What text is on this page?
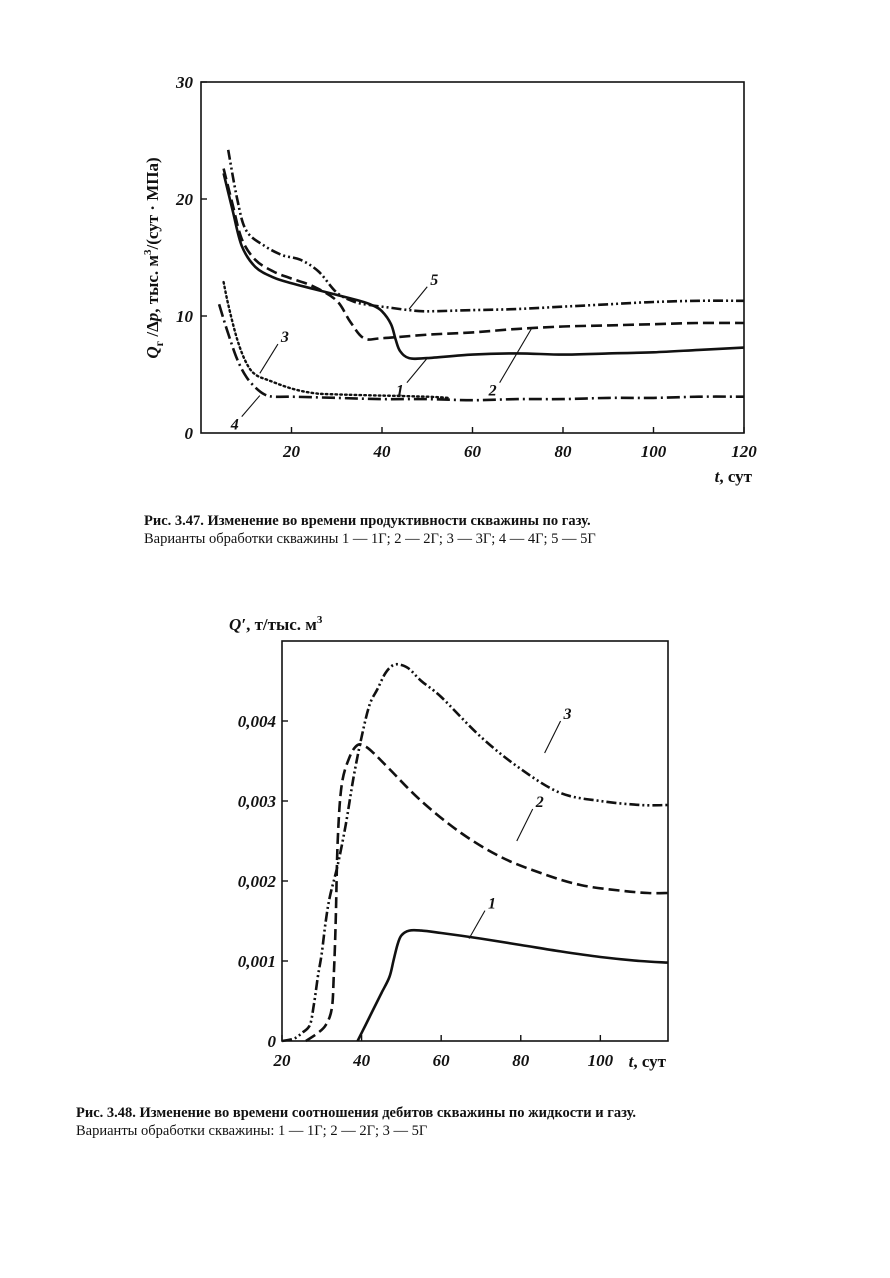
20	40	60	80	100	120
0
10
20
30
1	2
3
4
5
$Q_г$ /Δp, тыс. $м^3/(сут \cdot МПа)$
t, сут
Рис. 3.47. Изменение во времени продуктивности скважины по газу.
Варианты обработки скважины 1 — 1Г; 2 — 2Г; 3 — 3Г; 4 — 4Г; 5 — 5Г
20	40	60	80	100
0
0,001
0,002
0,003
0,004
1
2
3
Q′, т/тыс. $м^3$
t, сут
Рис. 3.48. Изменение во времени соотношения дебитов скважины по жидкости и газу.
Варианты обработки скважины: 1 — 1Г; 2 — 2Г; 3 — 5Г
